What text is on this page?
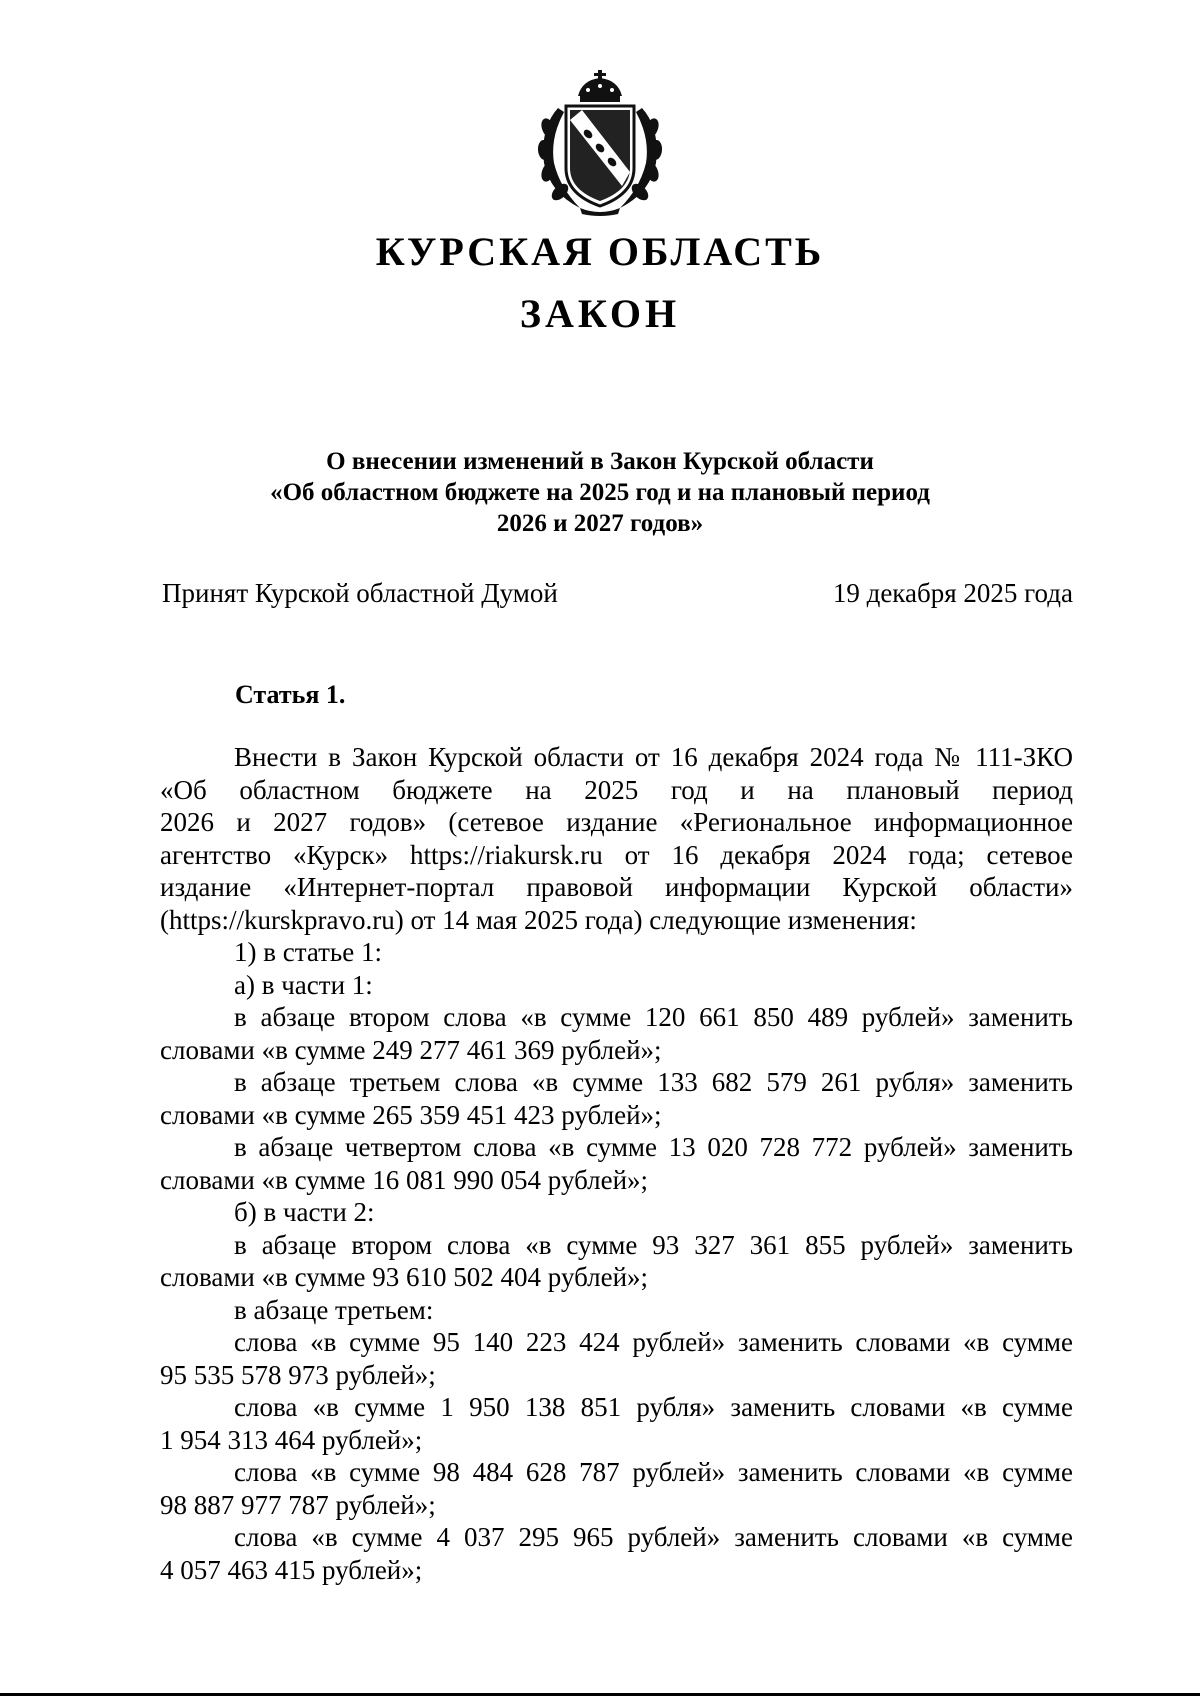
КУРСКАЯ ОБЛАСТЬ
ЗАКОН
О внесении изменений в Закон Курской области
«Об областном бюджете на 2025 год и на плановый период
2026 и 2027 годов»
Принят Курской областной Думой	19 декабря 2025 года
Статья 1.
Внести в Закон Курской области от 16 декабря 2024 года № 111-ЗКО
«Об областном бюджете на 2025 год и на плановый период
2026 и 2027 годов» (сетевое издание «Региональное информационное
агентство «Курск» https://riakursk.ru от 16 декабря 2024 года; сетевое
издание «Интернет-портал правовой информации Курской области»
(https://kurskpravo.ru) от 14 мая 2025 года) следующие изменения:
1) в статье 1:
а) в части 1:
в абзаце втором слова «в сумме 120 661 850 489 рублей» заменить
словами «в сумме 249 277 461 369 рублей»;
в абзаце третьем слова «в сумме 133 682 579 261 рубля» заменить
словами «в сумме 265 359 451 423 рублей»;
в абзаце четвертом слова «в сумме 13 020 728 772 рублей» заменить
словами «в сумме 16 081 990 054 рублей»;
б) в части 2:
в абзаце втором слова «в сумме 93 327 361 855 рублей» заменить
словами «в сумме 93 610 502 404 рублей»;
в абзаце третьем:
слова «в сумме 95 140 223 424 рублей» заменить словами «в сумме
95 535 578 973 рублей»;
слова «в сумме 1 950 138 851 рубля» заменить словами «в сумме
1 954 313 464 рублей»;
слова «в сумме 98 484 628 787 рублей» заменить словами «в сумме
98 887 977 787 рублей»;
слова «в сумме 4 037 295 965 рублей» заменить словами «в сумме
4 057 463 415 рублей»;
